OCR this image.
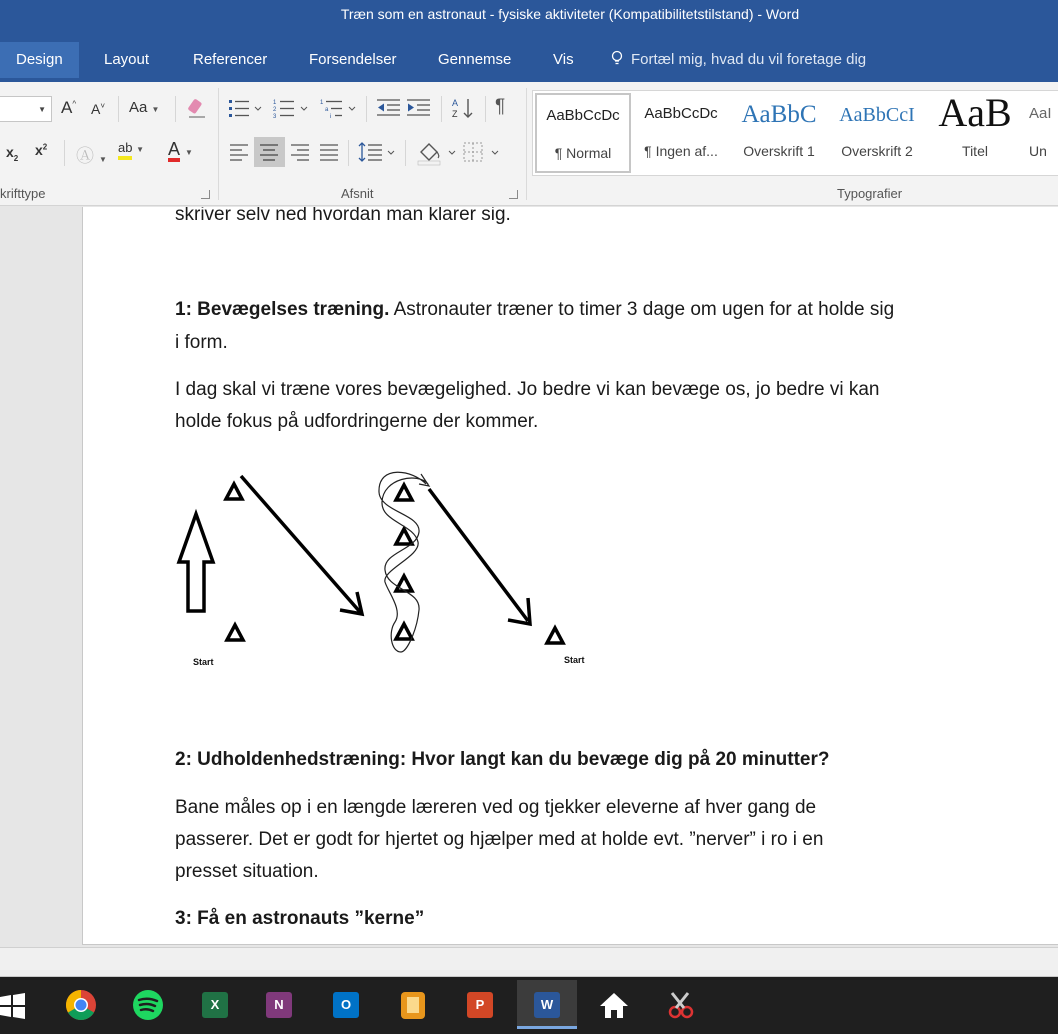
Træn som en astronaut - fysiske aktiviteter (Kompatibilitetstilstand) - Word
Design	Layout	Referencer	Forsendelser	Gennemse	Vis	Fortæl mig, hvad du vil foretage dig
▼ A^ A˅ Aa ▼
$x_2$
$x^2$ Ⓐ ▼
ab ▼ A ▼
krifttype
1
2
3
1
a
i
A
Z ¶
Afsnit
AaBbCcDc
¶ Normal
AaBbCcDc
¶ Ingen af...
AaBbC
Overskrift 1
AaBbCcI
Overskrift 2
AaB
Titel
AaI
Un
Typografier
skriver selv ned hvordan man klarer sig.
1: Bevægelses træning. Astronauter træner to timer 3 dage om ugen for at holde sig
i form.
I dag skal vi træne vores bevægelighed. Jo bedre vi kan bevæge os, jo bedre vi kan
holde fokus på udfordringerne der kommer.
Start	Start
2: Udholdenhedstræning: Hvor langt kan du bevæge dig på 20 minutter?
Bane måles op i en længde læreren ved og tjekker eleverne af hver gang de
passerer. Det er godt for hjertet og hjælper med at holde evt. ”nerver” i ro i en
presset situation.
3: Få en astronauts ”kerne”
X	N	O	P	W
